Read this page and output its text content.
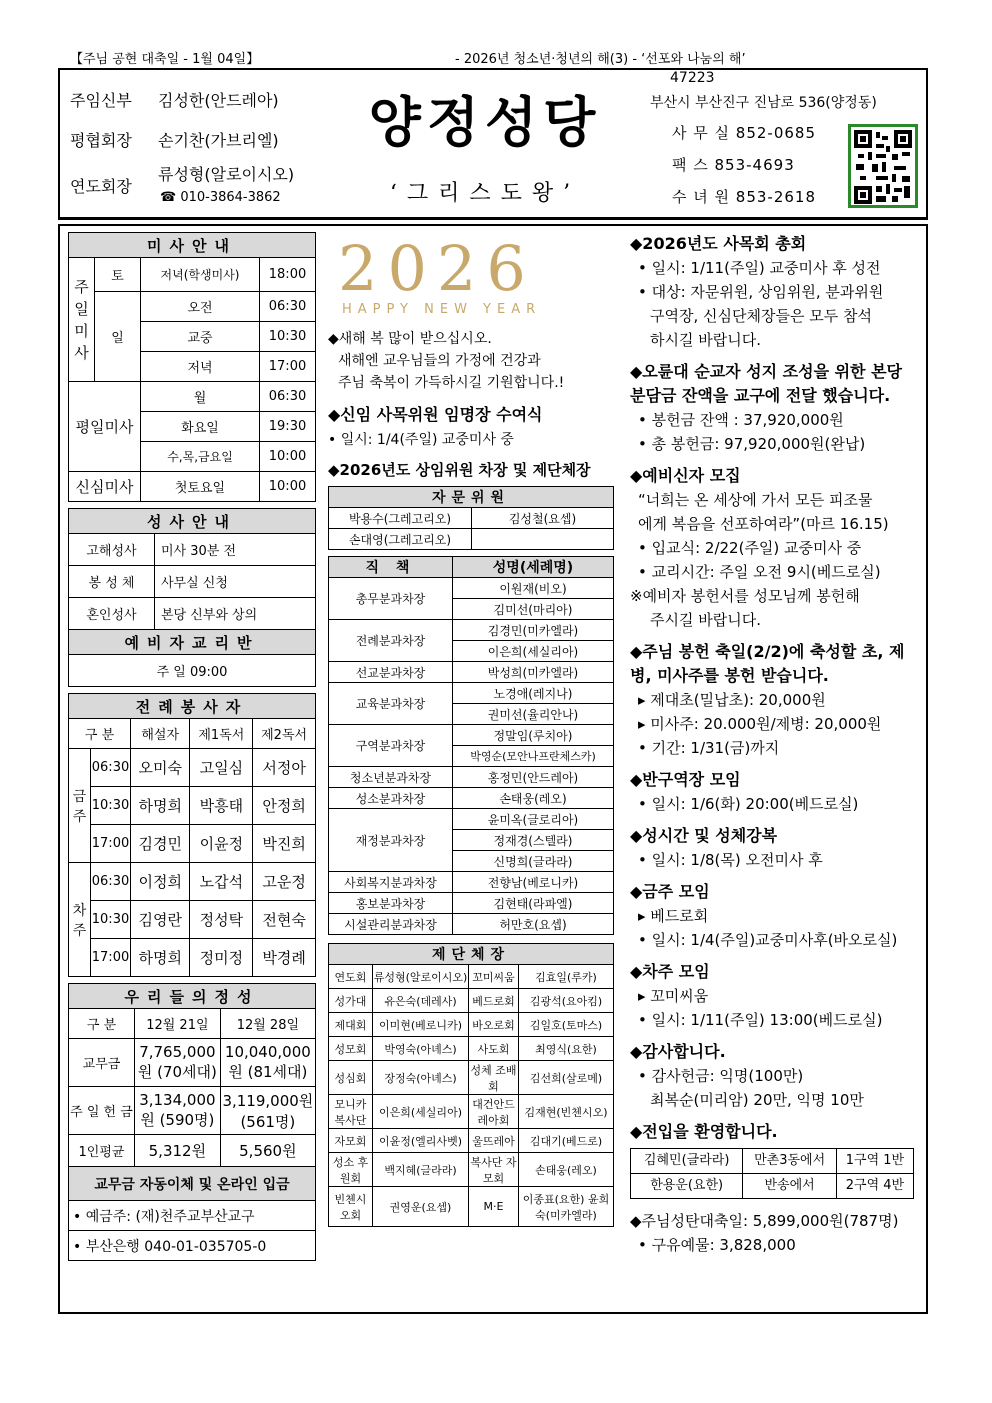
【주님 공현 대축일 - 1월 04일】	- 2026년 청소년·청년의 해(3) - ‘선포와 나눔의 해’
주임신부 김성한(안드레아)
평협회장 손기찬(가브리엘)
연도회장
류성형(알로이시오)
☎ 010-3864-3862
양정성당
‘그리스도왕’
47223
부산시 부산진구 진남로 536(양정동)
사 무 실 852-0685
팩 스 853-4693
수 녀 원 853-2618
미사안내			
주일미사	토	저녁(학생미사)	18:00
	일	오전	06:30
		교중	10:30
		저녁	17:00
평일미사		월	06:30
		화요일	19:30
		수,목,금요일	10:00
신심미사		첫토요일	10:00
성사안내	
고해성사	미사 30분 전
봉 성 체	사무실 신청
혼인성사	본당 신부와 상의
예비자교리반	
주 일 09:00	
전례봉사자				
구 분		해설자	제1독서	제2독서
금주	06:30	오미숙	고일심	서정아
	10:30	하명희	박흥태	안정희
	17:00	김경민	이윤정	박진희
차주	06:30	이정희	노갑석	고운정
	10:30	김영란	정성탁	전현숙
	17:00	하명희	정미정	박경례
우리들의정성		
구 분	12월 21일	12월 28일
교무금	7,765,000원 (70세대)	10,040,000원 (81세대)
주 일 헌 금	3,134,000원 (590명)	3,119,000원 (561명)
1인평균	5,312원	5,560원
교무금 자동이체 및 온라인 입금		
• 예금주: (재)천주교부산교구		
• 부산은행 040-01-035705-0		
2026
HAPPY NEW YEAR
◆새해 복 많이 받으십시오.
새해엔 교우님들의 가정에 건강과
주님 축복이 가득하시길 기원합니다.!
◆신임 사목위원 임명장 수여식
• 일시: 1/4(주일) 교중미사 중
◆2026년도 상임위원 차장 및 제단체장
자문위원	
박용수(그레고리오)	김성철(요셉)
손대영(그레고리오)	
직 책	성명(세례명)
총무분과차장	이원재(비오)
	김미선(마리아)
전례분과차장	김경민(미카엘라)
	이은희(세실리아)
선교분과차장	박성희(미카엘라)
교육분과차장	노경애(레지나)
	권미선(율리안나)
구역분과차장	정말임(루치아)
	박영순(모안나프란체스카)
청소년분과차장	홍정민(안드레아)
성소분과차장	손태웅(레오)
재정분과차장	윤미옥(글로리아)
	정재경(스텔라)
	신명희(글라라)
사회복지분과차장	전향남(베로니카)
홍보분과차장	김현태(라파엘)
시설관리분과차장	허만호(요셉)
제단체장			
연도회	류성형(알로이시오)	꼬미씨움	김효일(루카)
성가대	유은숙(데레사)	베드로회	김광석(요아킴)
제대회	이미현(베로니카)	바오로회	김일호(토마스)
성모회	박영숙(아녜스)	사도회	최영식(요한)
성심회	장정숙(아녜스)	성체 조배회	김선희(살로메)
모니카 복사단	이은희(세실리아)	대건안드 레아회	김재현(빈첸시오)
자모회	이윤정(엘리사벳)	울뜨레아	김대기(베드로)
성소 후원회	백지혜(글라라)	복사단 자모회	손태웅(레오)
빈첸시 오회	권영운(요셉)	M·E	이종표(요한) 윤희숙(미카엘라)
◆2026년도 사목회 총회
• 일시: 1/11(주일) 교중미사 후 성전
• 대상: 자문위원, 상임위원, 분과위원
구역장, 신심단체장들은 모두 참석
하시길 바랍니다.
◆오륜대 순교자 성지 조성을 위한 본당 분담금 잔액을 교구에 전달 했습니다.
• 봉헌금 잔액 : 37,920,000원
• 총 봉헌금: 97,920,000원(완납)
◆예비신자 모집
“너희는 온 세상에 가서 모든 피조물
에게 복음을 선포하여라”(마르 16.15)
• 입교식: 2/22(주일) 교중미사 중
• 교리시간: 주일 오전 9시(베드로실)
※예비자 봉헌서를 성모님께 봉헌해
주시길 바랍니다.
◆주님 봉헌 축일(2/2)에 축성할 초, 제병, 미사주를 봉헌 받습니다.
▸ 제대초(밀납초): 20,000원
▸ 미사주: 20.000원/제병: 20,000원
• 기간: 1/31(금)까지
◆반구역장 모임
• 일시: 1/6(화) 20:00(베드로실)
◆성시간 및 성체강복
• 일시: 1/8(목) 오전미사 후
◆금주 모임
▸ 베드로회
• 일시: 1/4(주일)교중미사후(바오로실)
◆차주 모임
▸ 꼬미씨움
• 일시: 1/11(주일) 13:00(베드로실)
◆감사합니다.
• 감사헌금: 익명(100만)
최복순(미리암) 20만, 익명 10만
◆전입을 환영합니다.
김혜민(글라라)	만촌3동에서	1구역 1반
한용운(요한)	반송에서	2구역 4반
◆주님성탄대축일: 5,899,000원(787명)
• 구유예물: 3,828,000
